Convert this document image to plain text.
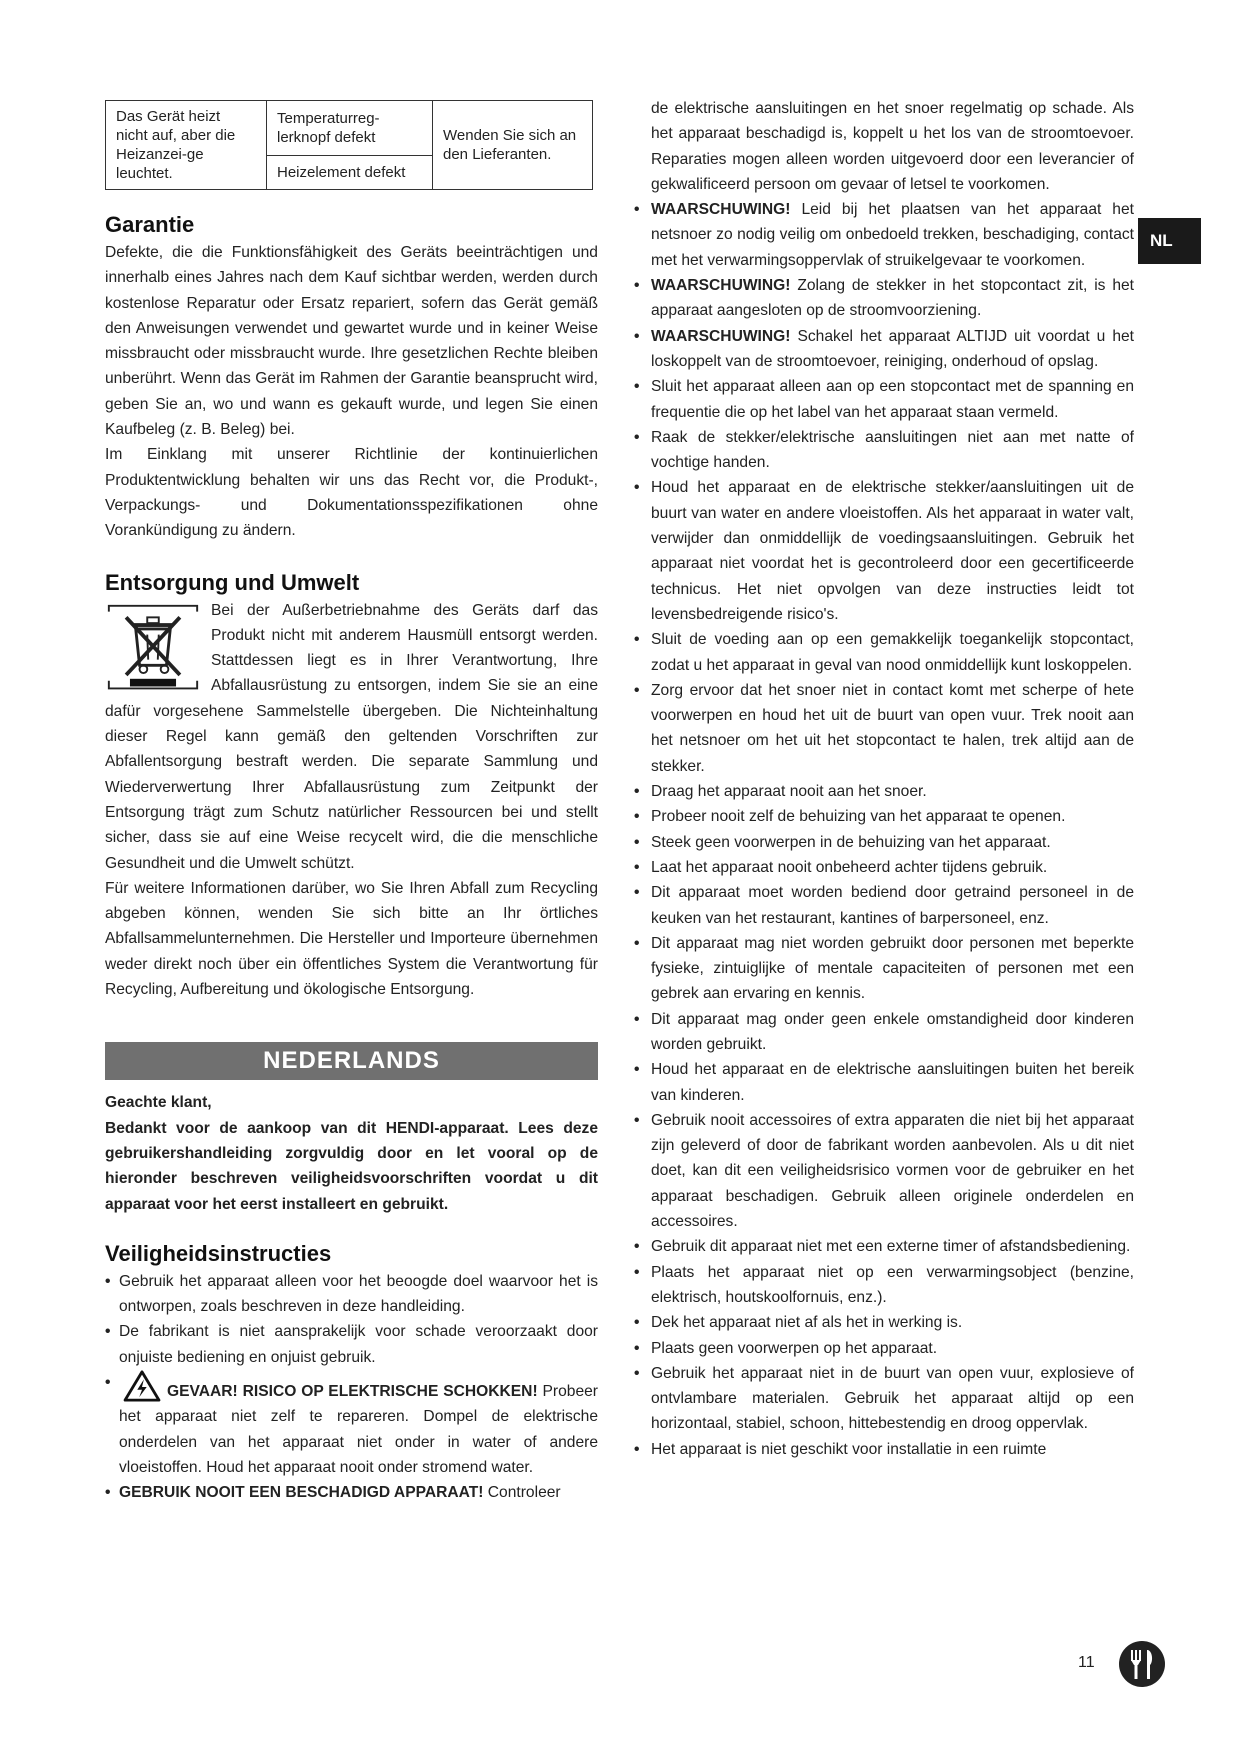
Das Gerät heizt nicht auf, aber die Heizanzei-ge leuchtet.	Temperaturreg-lerknopf defekt	Wenden Sie sich an den Lieferanten.
Heizelement defekt
Garantie

Defekte, die die Funktionsfähigkeit des Geräts beeinträchtigen und innerhalb eines Jahres nach dem Kauf sichtbar werden, werden durch kostenlose Reparatur oder Ersatz repariert, sofern das Gerät gemäß den Anweisungen verwendet und gewartet wurde und in keiner Weise missbraucht oder missbraucht wurde. Ihre gesetzlichen Rechte bleiben unberührt. Wenn das Gerät im Rahmen der Garantie beansprucht wird, geben Sie an, wo und wann es gekauft wurde, und legen Sie einen Kaufbeleg (z. B. Beleg) bei.

Im Einklang mit unserer Richtlinie der kontinuierlichen Produktentwicklung behalten wir uns das Recht vor, die Produkt-, Verpackungs- und Dokumentationsspezifikationen ohne Vorankündigung zu ändern.

Entsorgung und Umwelt

Bei der Außerbetriebnahme des Geräts darf das Produkt nicht mit anderem Hausmüll entsorgt werden. Stattdessen liegt es in Ihrer Verantwortung, Ihre Abfallausrüstung zu entsorgen, indem Sie sie an eine dafür vorgesehene Sammelstelle übergeben. Die Nichteinhaltung dieser Regel kann gemäß den geltenden Vorschriften zur Abfallentsorgung bestraft werden. Die separate Sammlung und Wiederverwertung Ihrer Abfallausrüstung zum Zeitpunkt der Entsorgung trägt zum Schutz natürlicher Ressourcen bei und stellt sicher, dass sie auf eine Weise recycelt wird, die die menschliche Gesundheit und die Umwelt schützt.

Für weitere Informationen darüber, wo Sie Ihren Abfall zum Recycling abgeben können, wenden Sie sich bitte an Ihr örtliches Abfallsammelunternehmen. Die Hersteller und Importeure übernehmen weder direkt noch über ein öffentliches System die Verantwortung für Recycling, Aufbereitung und ökologische Entsorgung.

NEDERLANDS

Geachte klant,

Bedankt voor de aankoop van dit HENDI-apparaat. Lees deze gebruikershandleiding zorgvuldig door en let vooral op de hieronder beschreven veiligheidsvoorschriften voordat u dit apparaat voor het eerst installeert en gebruikt.

Veiligheidsinstructies
• Gebruik het apparaat alleen voor het beoogde doel waarvoor het is ontworpen, zoals beschreven in deze handleiding.
• De fabrikant is niet aansprakelijk voor schade veroorzaakt door onjuiste bediening en onjuist gebruik.
• GEVAAR! RISICO OP ELEKTRISCHE SCHOKKEN! Probeer het apparaat niet zelf te repareren. Dompel de elektrische onderdelen van het apparaat niet onder in water of andere vloeistoffen. Houd het apparaat nooit onder stromend water.
• GEBRUIK NOOIT EEN BESCHADIGD APPARAAT! Controleer

de elektrische aansluitingen en het snoer regelmatig op schade. Als het apparaat beschadigd is, koppelt u het los van de stroomtoevoer. Reparaties mogen alleen worden uitgevoerd door een leverancier of gekwalificeerd persoon om gevaar of letsel te voorkomen.

• WAARSCHUWING! Leid bij het plaatsen van het apparaat het netsnoer zo nodig veilig om onbedoeld trekken, beschadiging, contact met het verwarmingsoppervlak of struikelgevaar te voorkomen.
• WAARSCHUWING! Zolang de stekker in het stopcontact zit, is het apparaat aangesloten op de stroomvoorziening.
• WAARSCHUWING! Schakel het apparaat ALTIJD uit voordat u het loskoppelt van de stroomtoevoer, reiniging, onderhoud of opslag.
• Sluit het apparaat alleen aan op een stopcontact met de spanning en frequentie die op het label van het apparaat staan vermeld.
• Raak de stekker/elektrische aansluitingen niet aan met natte of vochtige handen.
• Houd het apparaat en de elektrische stekker/aansluitingen uit de buurt van water en andere vloeistoffen. Als het apparaat in water valt, verwijder dan onmiddellijk de voedingsaansluitingen. Gebruik het apparaat niet voordat het is gecontroleerd door een gecertificeerde technicus. Het niet opvolgen van deze instructies leidt tot levensbedreigende risico's.
• Sluit de voeding aan op een gemakkelijk toegankelijk stopcontact, zodat u het apparaat in geval van nood onmiddellijk kunt loskoppelen.
• Zorg ervoor dat het snoer niet in contact komt met scherpe of hete voorwerpen en houd het uit de buurt van open vuur. Trek nooit aan het netsnoer om het uit het stopcontact te halen, trek altijd aan de stekker.
• Draag het apparaat nooit aan het snoer.
• Probeer nooit zelf de behuizing van het apparaat te openen.
• Steek geen voorwerpen in de behuizing van het apparaat.
• Laat het apparaat nooit onbeheerd achter tijdens gebruik.
• Dit apparaat moet worden bediend door getraind personeel in de keuken van het restaurant, kantines of barpersoneel, enz.
• Dit apparaat mag niet worden gebruikt door personen met beperkte fysieke, zintuiglijke of mentale capaciteiten of personen met een gebrek aan ervaring en kennis.
• Dit apparaat mag onder geen enkele omstandigheid door kinderen worden gebruikt.
• Houd het apparaat en de elektrische aansluitingen buiten het bereik van kinderen.
• Gebruik nooit accessoires of extra apparaten die niet bij het apparaat zijn geleverd of door de fabrikant worden aanbevolen. Als u dit niet doet, kan dit een veiligheidsrisico vormen voor de gebruiker en het apparaat beschadigen. Gebruik alleen originele onderdelen en accessoires.
• Gebruik dit apparaat niet met een externe timer of afstandsbediening.
• Plaats het apparaat niet op een verwarmingsobject (benzine, elektrisch, houtskoolfornuis, enz.).
• Dek het apparaat niet af als het in werking is.
• Plaats geen voorwerpen op het apparaat.
• Gebruik het apparaat niet in de buurt van open vuur, explosieve of ontvlambare materialen. Gebruik het apparaat altijd op een horizontaal, stabiel, schoon, hittebestendig en droog oppervlak.
• Het apparaat is niet geschikt voor installatie in een ruimte
NL
11
